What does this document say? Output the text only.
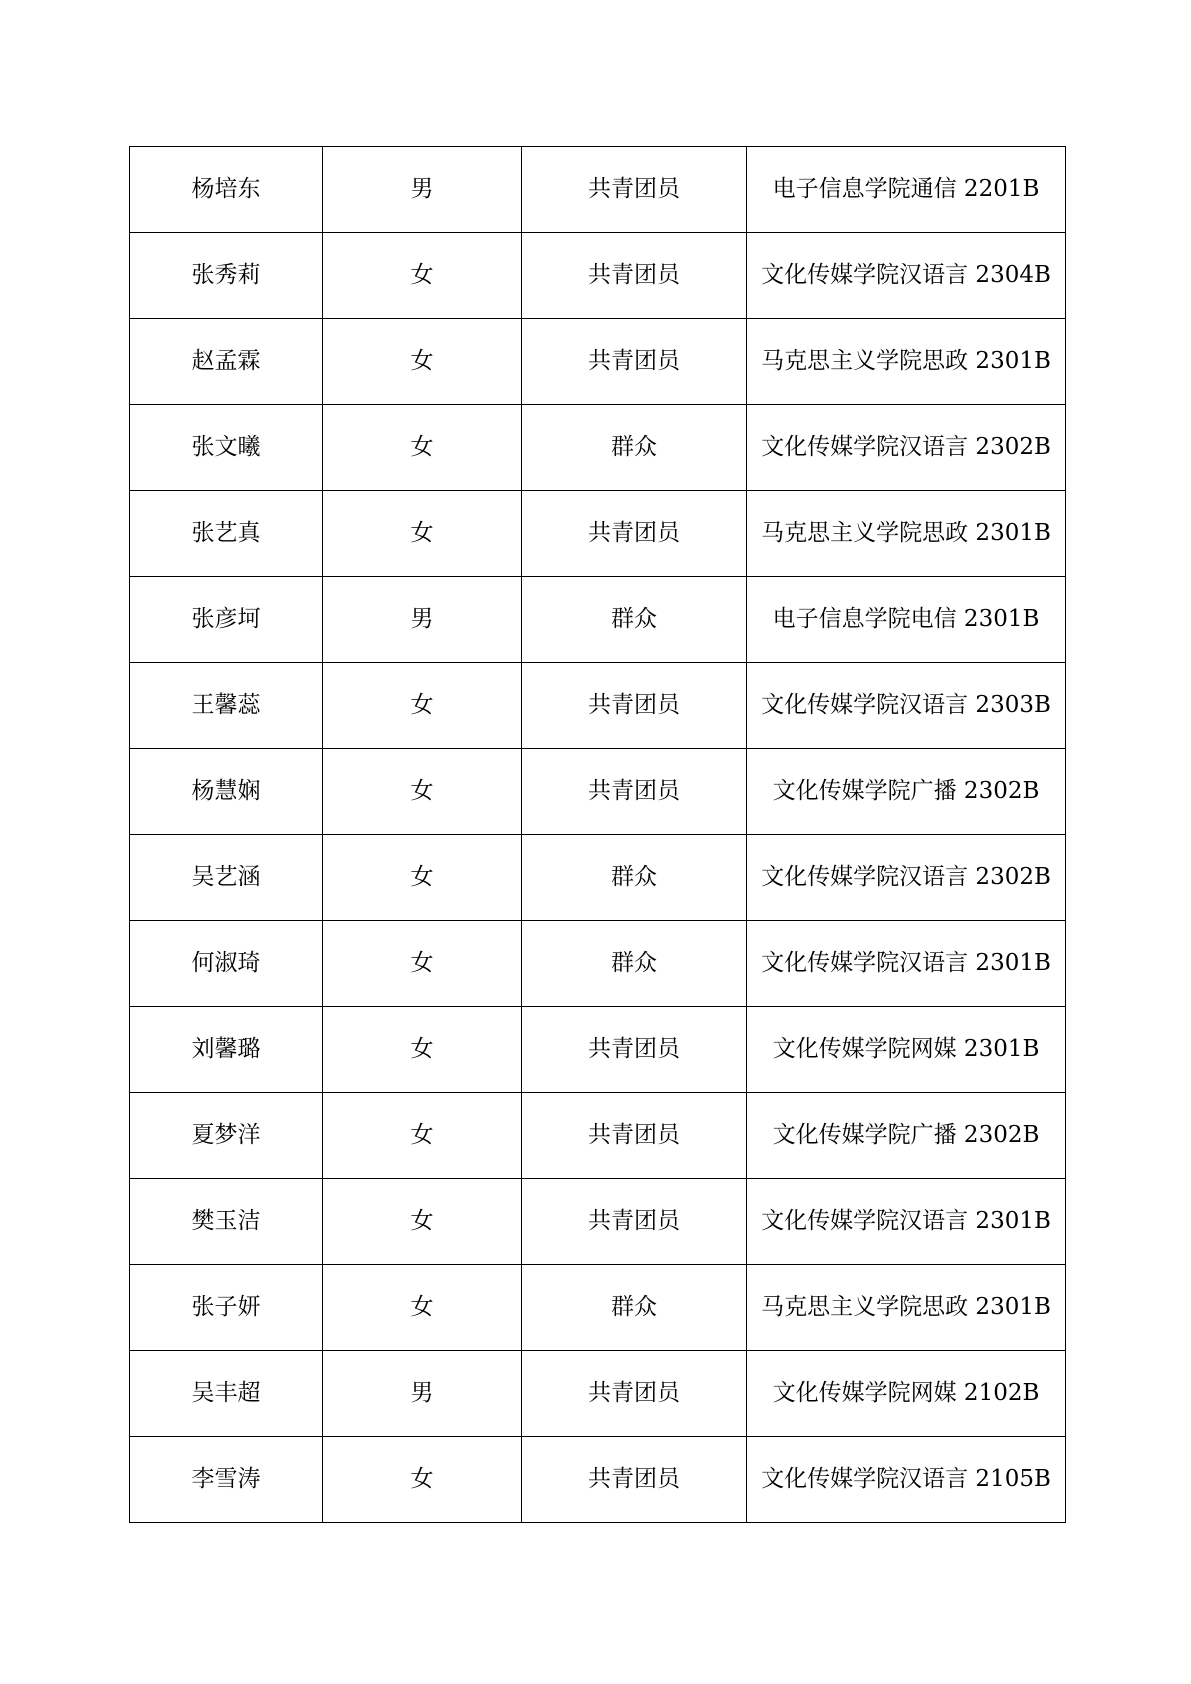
杨培东	男	共青团员	电子信息学院通信 2201B
张秀莉	女	共青团员	文化传媒学院汉语言 2304B
赵孟霖	女	共青团员	马克思主义学院思政 2301B
张文曦	女	群众	文化传媒学院汉语言 2302B
张艺真	女	共青团员	马克思主义学院思政 2301B
张彦坷	男	群众	电子信息学院电信 2301B
王馨蕊	女	共青团员	文化传媒学院汉语言 2303B
杨慧娴	女	共青团员	文化传媒学院广播 2302B
吴艺涵	女	群众	文化传媒学院汉语言 2302B
何淑琦	女	群众	文化传媒学院汉语言 2301B
刘馨璐	女	共青团员	文化传媒学院网媒 2301B
夏梦洋	女	共青团员	文化传媒学院广播 2302B
樊玉洁	女	共青团员	文化传媒学院汉语言 2301B
张子妍	女	群众	马克思主义学院思政 2301B
吴丰超	男	共青团员	文化传媒学院网媒 2102B
李雪涛	女	共青团员	文化传媒学院汉语言 2105B
